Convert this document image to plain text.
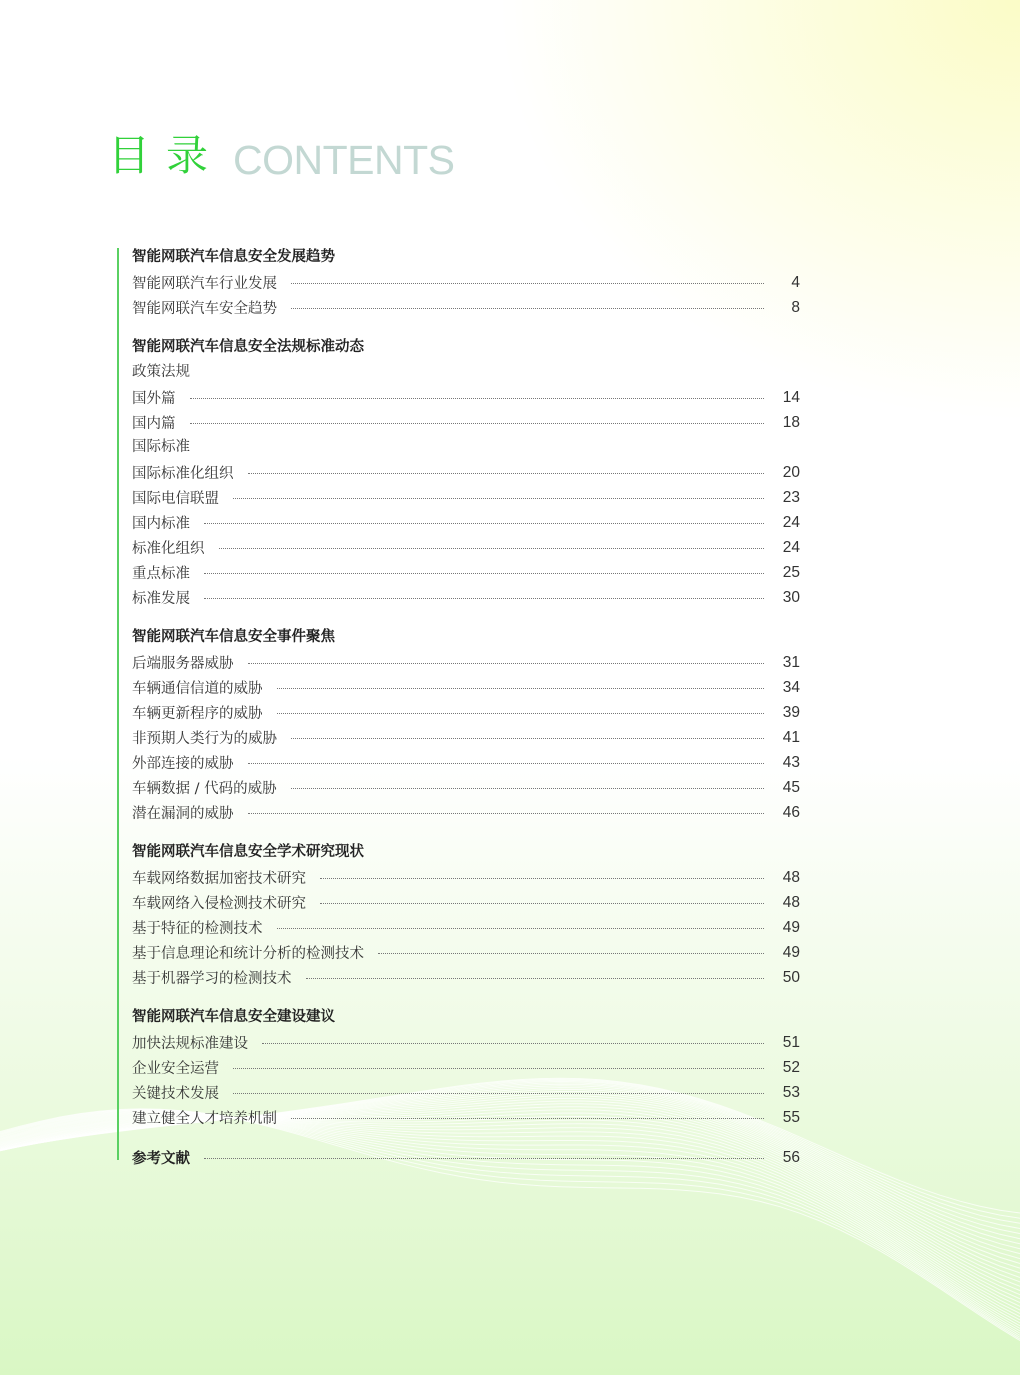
目录 CONTENTS
智能网联汽车信息安全发展趋势
智能网联汽车行业发展	4
智能网联汽车安全趋势	8
智能网联汽车信息安全法规标准动态
政策法规
国外篇	14
国内篇	18
国际标准
国际标准化组织	20
国际电信联盟	23
国内标准	24
标准化组织	24
重点标准	25
标准发展	30
智能网联汽车信息安全事件聚焦
后端服务器威胁	31
车辆通信信道的威胁	34
车辆更新程序的威胁	39
非预期人类行为的威胁	41
外部连接的威胁	43
车辆数据 / 代码的威胁	45
潜在漏洞的威胁	46
智能网联汽车信息安全学术研究现状
车载网络数据加密技术研究	48
车载网络入侵检测技术研究	48
基于特征的检测技术	49
基于信息理论和统计分析的检测技术	49
基于机器学习的检测技术	50
智能网联汽车信息安全建设建议
加快法规标准建设	51
企业安全运营	52
关键技术发展	53
建立健全人才培养机制	55
参考文献	56
